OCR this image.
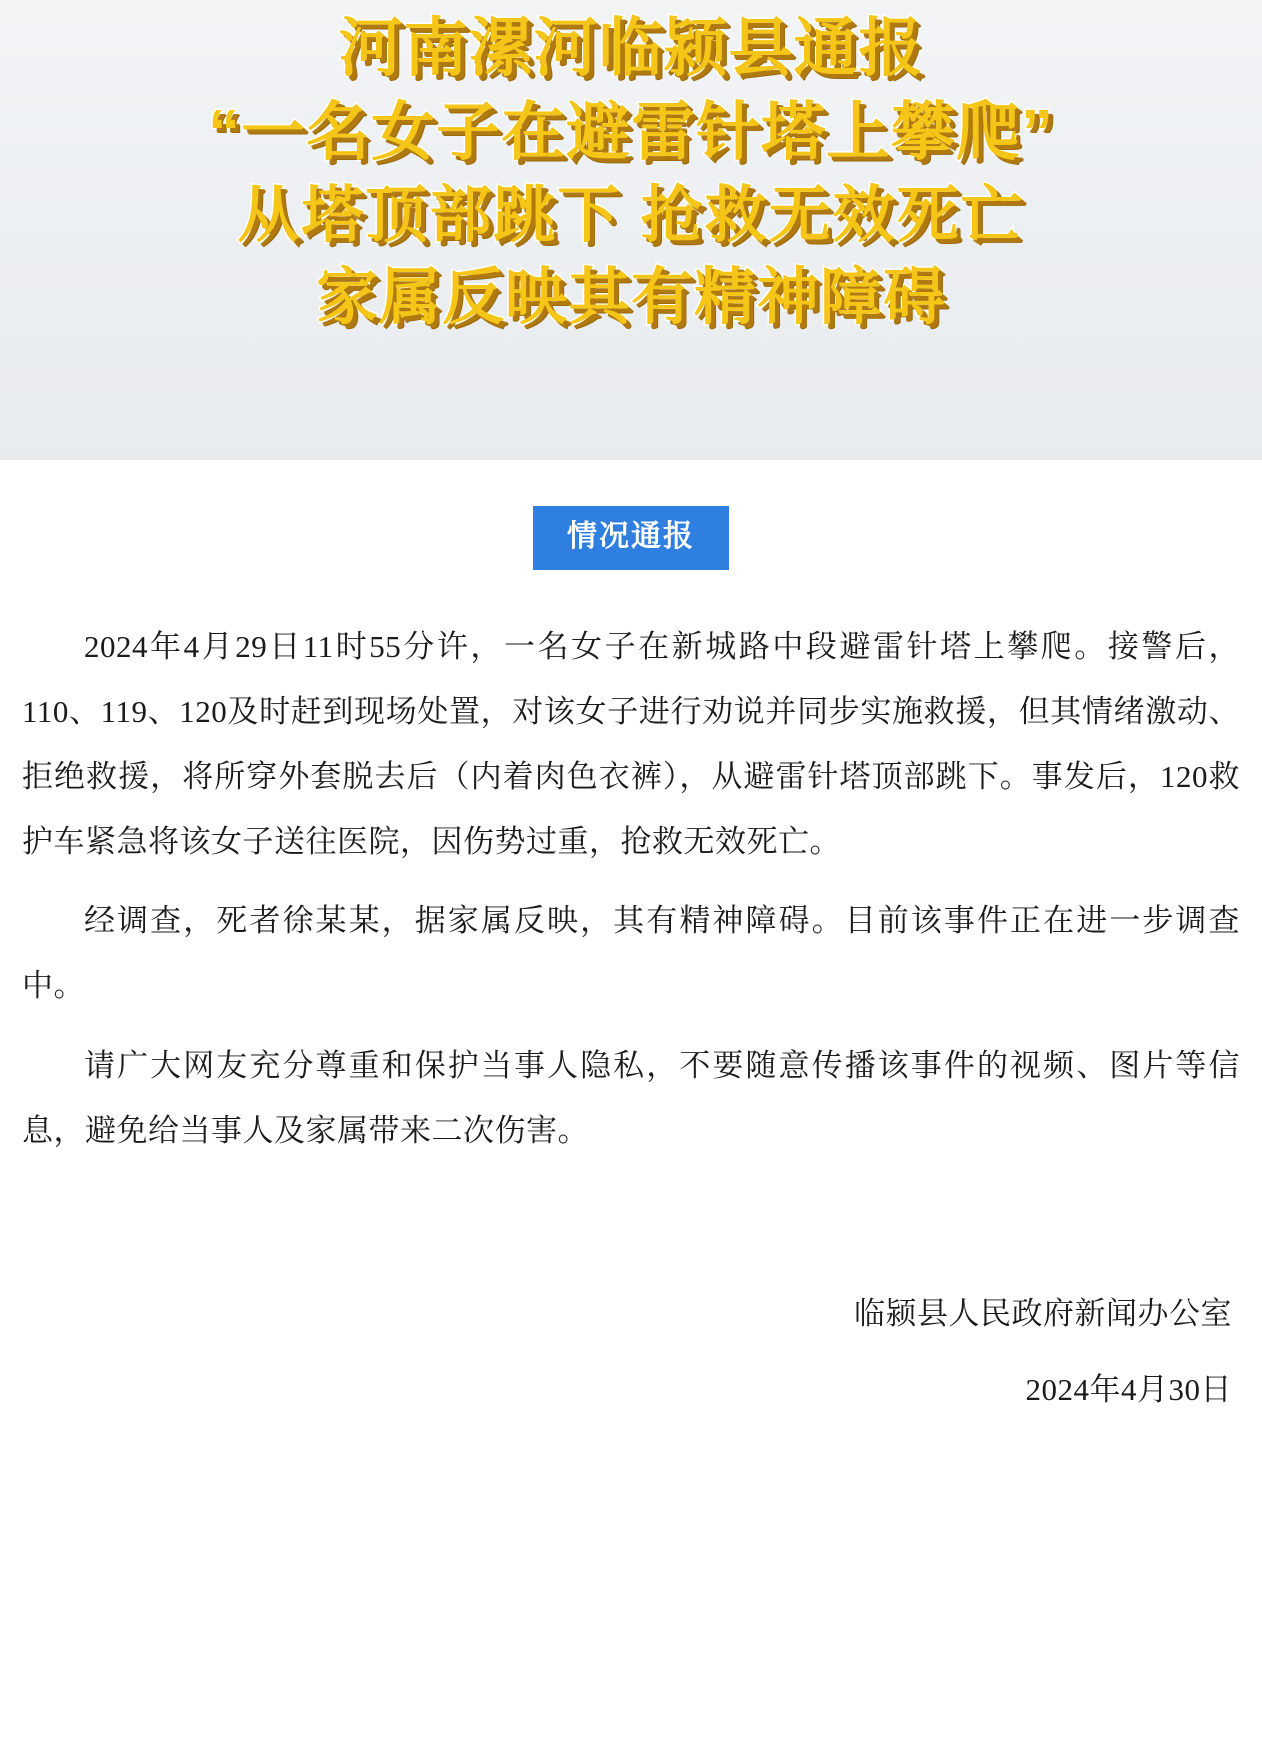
河南漯河临颍县通报
“一名女子在避雷针塔上攀爬”
从塔顶部跳下 抢救无效死亡
家属反映其有精神障碍
情况通报

2024年4月29日11时55分许，一名女子在新城路中段避雷针塔上攀爬。接警后，110、119、120及时赶到现场处置，对该女子进行劝说并同步实施救援，但其情绪激动、拒绝救援，将所穿外套脱去后（内着肉色衣裤），从避雷针塔顶部跳下。事发后，120救护车紧急将该女子送往医院，因伤势过重，抢救无效死亡。

经调查，死者徐某某，据家属反映，其有精神障碍。目前该事件正在进一步调查中。

请广大网友充分尊重和保护当事人隐私，不要随意传播该事件的视频、图片等信息，避免给当事人及家属带来二次伤害。

临颍县人民政府新闻办公室
2024年4月30日
